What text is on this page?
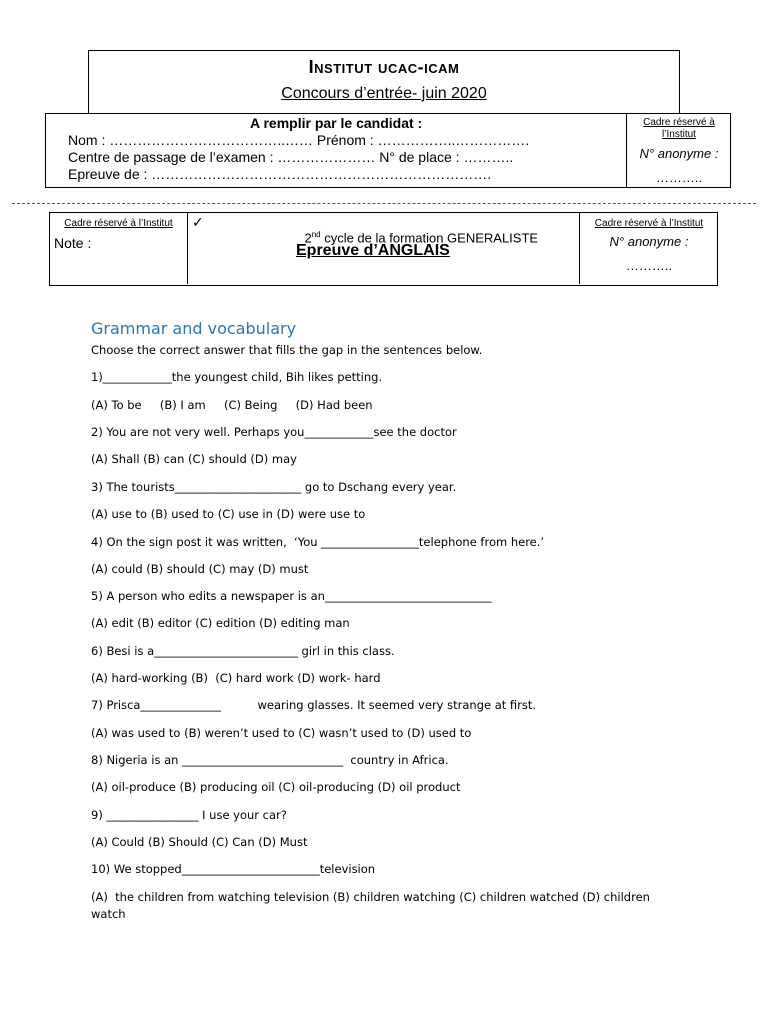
Institut ucac-icam
Concours d’entrée- juin 2020
A remplir par le candidat :
Nom : ………………………………..…… Prénom : ……………..…………….
Centre de passage de l’examen : ………………… N° de place : ………..
Epreuve de : ……………………………………………………………….
Cadre réservé à l’Institut
N° anonyme :
………..
Cadre réservé à l’Institut
Note :
✓

2nd cycle de la formation GENERALISTE

Epreuve d’ANGLAIS
Cadre réservé à l’Institut
N° anonyme :
………..
Grammar and vocabulary
Choose the correct answer that fills the gap in the sentences below.
1)____________the youngest child, Bih likes petting.
(A) To be     (B) I am     (C) Being     (D) Had been
2) You are not very well. Perhaps you____________see the doctor
(A) Shall (B) can (C) should (D) may
3) The tourists______________________ go to Dschang every year.
(A) use to (B) used to (C) use in (D) were use to
4) On the sign post it was written,  ‘You _________________telephone from here.’
(A) could (B) should (C) may (D) must
5) A person who edits a newspaper is an_____________________________
(A) edit (B) editor (C) edition (D) editing man
6) Besi is a_________________________ girl in this class.
(A) hard-working (B)  (C) hard work (D) work- hard
7) Prisca______________          wearing glasses. It seemed very strange at first.
(A) was used to (B) weren’t used to (C) wasn’t used to (D) used to
8) Nigeria is an ____________________________  country in Africa.
(A) oil-produce (B) producing oil (C) oil-producing (D) oil product
9) ________________ I use your car?
(A) Could (B) Should (C) Can (D) Must
10) We stopped________________________television
(A)  the children from watching television (B) children watching (C) children watched (D) children
watch
